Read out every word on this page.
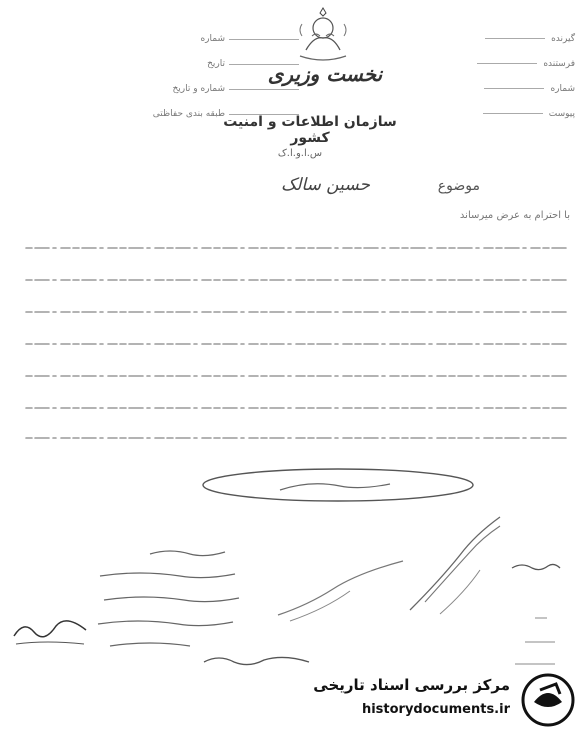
نخست وزیری
سازمان اطلاعات و امنیت کشور
س.ا.و.ا.ک
شماره
تاریخ
شماره و تاریخ
طبقه بندی حفاظتی
گیرنده
فرستنده
شماره
پیوست
موضوع
حسین سالک
با احترام به عرض میرساند
مرکز بررسی اسناد تاریخی
historydocuments.ir
